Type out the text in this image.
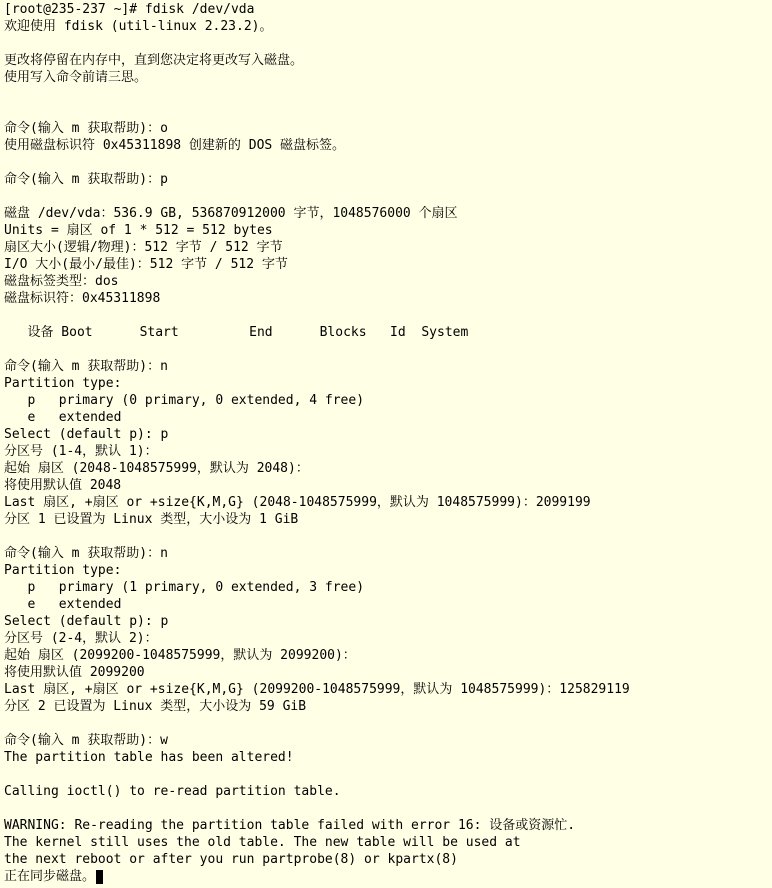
[root@235-237 ~]# fdisk /dev/vda
欢迎使用 fdisk (util-linux 2.23.2)。
更改将停留在内存中，直到您决定将更改写入磁盘。
使用写入命令前请三思。
命令(输入 m 获取帮助)：o
使用磁盘标识符 0x45311898 创建新的 DOS 磁盘标签。
命令(输入 m 获取帮助)：p
磁盘 /dev/vda：536.9 GB, 536870912000 字节，1048576000 个扇区
Units = 扇区 of 1 * 512 = 512 bytes
扇区大小(逻辑/物理)：512 字节 / 512 字节
I/O 大小(最小/最佳)：512 字节 / 512 字节
磁盘标签类型：dos
磁盘标识符：0x45311898
设备 Boot      Start         End      Blocks   Id  System
命令(输入 m 获取帮助)：n
Partition type:
p   primary (0 primary, 0 extended, 4 free)
e   extended
Select (default p): p
分区号 (1-4，默认 1)：
起始 扇区 (2048-1048575999，默认为 2048)：
将使用默认值 2048
Last 扇区, +扇区 or +size{K,M,G} (2048-1048575999，默认为 1048575999)：2099199
分区 1 已设置为 Linux 类型，大小设为 1 GiB
命令(输入 m 获取帮助)：n
Partition type:
p   primary (1 primary, 0 extended, 3 free)
e   extended
Select (default p): p
分区号 (2-4，默认 2)：
起始 扇区 (2099200-1048575999，默认为 2099200)：
将使用默认值 2099200
Last 扇区, +扇区 or +size{K,M,G} (2099200-1048575999，默认为 1048575999)：125829119
分区 2 已设置为 Linux 类型，大小设为 59 GiB
命令(输入 m 获取帮助)：w
The partition table has been altered!
Calling ioctl() to re-read partition table.
WARNING: Re-reading the partition table failed with error 16: 设备或资源忙.
The kernel still uses the old table. The new table will be used at
the next reboot or after you run partprobe(8) or kpartx(8)
正在同步磁盘。
